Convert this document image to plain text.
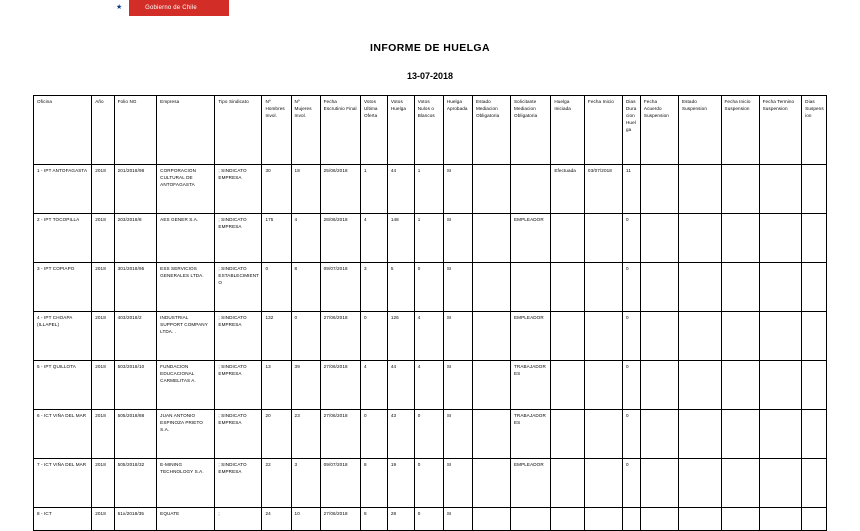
Gobierno de Chile
★
INFORME DE HUELGA
13-07-2018
Oficina	Año	Folio NG	Empresa	Tipo Sindicato	Nº Hombres Invol.	Nº Mujeres Invol.	Fecha Escrutinio Final	Votos Ultima Oferta	Votos Huelga	Votos Nulos o Blancos	Huelga Aprobada	Estado Mediacion Obligatoria	Solicitante Mediacion Obligatoria	Huelga Iniciada	Fecha Inicio	Dias Duracion Huelga	Fecha Acuerdo Suspension	Estado Suspension	Fecha Inicio Suspension	Fecha Termino Suspension	Dias Suspension
1 - IPT ANTOFAGASTA	2018	201/2018/98	CORPORACION CULTURAL DE ANTOFAGASTA	; SINDICATO EMPRESA	30	18	25/06/2018	1	44	1	SI			Efectuada	03/07/2018	11					
2 - IPT TOCOPILLA	2018	203/2018/8	AES GENER S.A.	; SINDICATO EMPRESA	175	4	28/06/2018	4	148	1	SI		EMPLEADOR			0					
3 - IPT COPIAPO	2018	301/2018/95	ESS SERVICIOS GENERALES LTDA.	; SINDICATO ESTABLECIMIENTO	0	8	09/07/2018	3	5	0	SI					0					
4 - IPT CHOAPA (ILLAPEL)	2018	403/2018/2	INDUSTRIAL SUPPORT COMPANY LTDA. .	; SINDICATO EMPRESA	132	0	27/06/2018	0	126	4	SI		EMPLEADOR			0					
5 - IPT QUILLOTA	2018	503/2018/10	FUNDACION EDUCACIONAL CARMELITAS A.	; SINDICATO EMPRESA	13	39	27/06/2018	4	44	4	SI		TRABAJADORES			0					
6 - ICT VIÑA DEL MAR	2018	505/2018/88	JUAN ANTONIO ESPINOZA PRIETO S.A.	; SINDICATO EMPRESA	20	23	27/06/2018	0	43	0	SI		TRABAJADORES			0					
7 - ICT VIÑA DEL MAR	2018	505/2018/32	E-MINING TECHNOLOGY S.A.	; SINDICATO EMPRESA	22	3	09/07/2018	8	19	0	SI		EMPLEADOR			0					
8 - ICT	2018	51x/2018/35	EQUATE	;	24	10	27/06/2018	8	28	0	SI										
